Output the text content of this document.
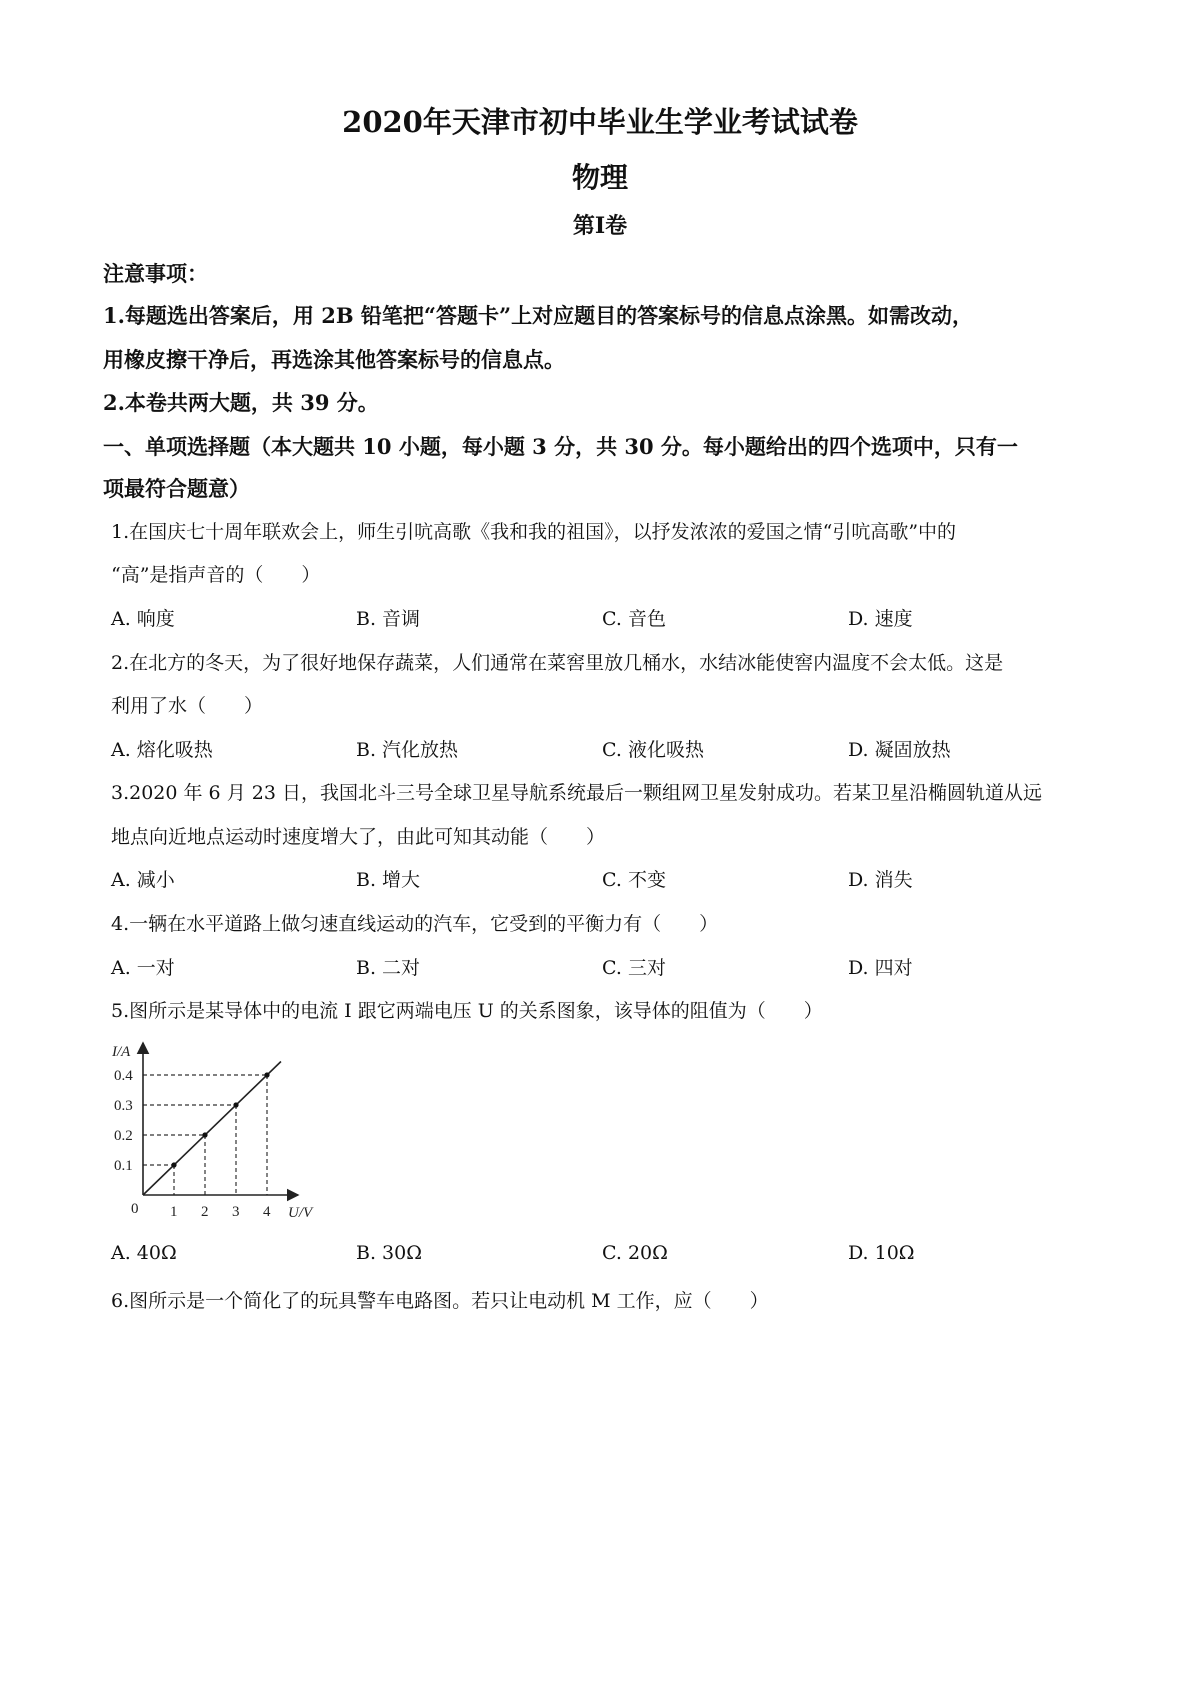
2020年天津市初中毕业生学业考试试卷
物理
第Ⅰ卷
注意事项：
1.每题选出答案后，用 2B 铅笔把“答题卡”上对应题目的答案标号的信息点涂黑。如需改动，
用橡皮擦干净后，再选涂其他答案标号的信息点。
2.本卷共两大题，共 39 分。
一、单项选择题（本大题共 10 小题，每小题 3 分，共 30 分。每小题给出的四个选项中，只有一
项最符合题意）
1.在国庆七十周年联欢会上，师生引吭高歌《我和我的祖国》，以抒发浓浓的爱国之情“引吭高歌”中的
“高”是指声音的（　　）
A. 响度	B. 音调	C. 音色	D. 速度
2.在北方的冬天，为了很好地保存蔬菜，人们通常在菜窖里放几桶水，水结冰能使窖内温度不会太低。这是
利用了水（　　）
A. 熔化吸热	B. 汽化放热	C. 液化吸热	D. 凝固放热
3.2020 年 6 月 23 日，我国北斗三号全球卫星导航系统最后一颗组网卫星发射成功。若某卫星沿椭圆轨道从远
地点向近地点运动时速度增大了，由此可知其动能（　　）
A. 减小	B. 增大	C. 不变	D. 消失
4.一辆在水平道路上做匀速直线运动的汽车，它受到的平衡力有（　　）
A. 一对	B. 二对	C. 三对	D. 四对
5.图所示是某导体中的电流 I 跟它两端电压 U 的关系图象，该导体的阻值为（　　）
1 2 3 4
0.1
0.2
0.3
0.4
I/A
U/V
0
A. 40Ω	B. 30Ω	C. 20Ω	D. 10Ω
6.图所示是一个简化了的玩具警车电路图。若只让电动机 M 工作，应（　　）
